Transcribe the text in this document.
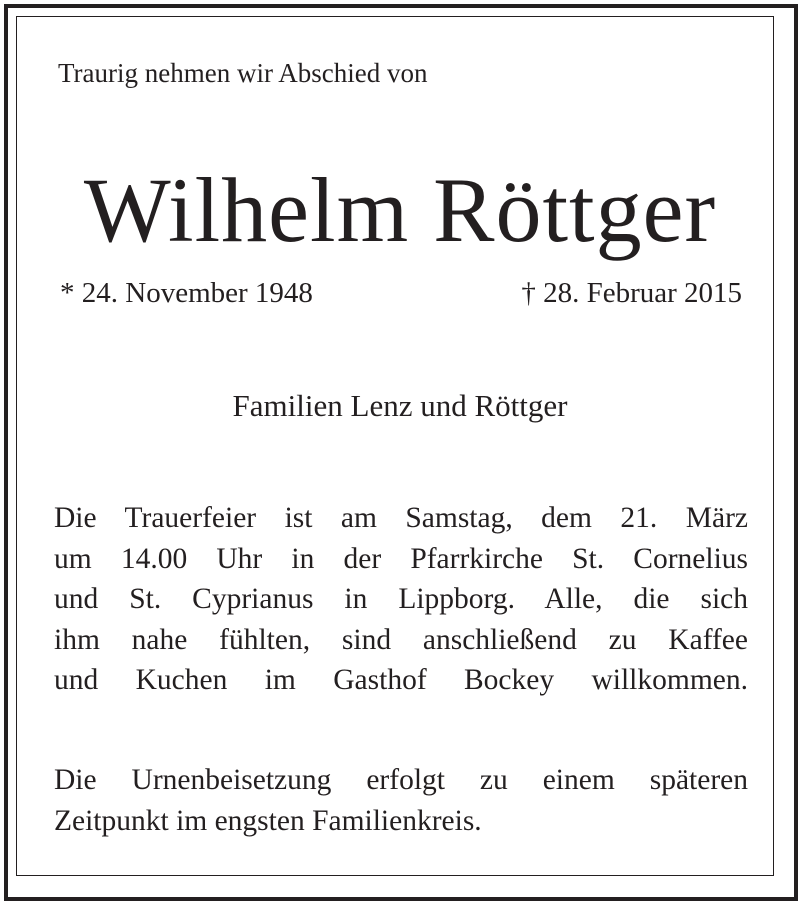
Traurig nehmen wir Abschied von
Wilhelm Röttger
* 24. November 1948	† 28. Februar 2015
Familien Lenz und Röttger
Die Trauerfeier ist am Samstag, dem 21. März
um 14.00 Uhr in der Pfarrkirche St. Cornelius
und St. Cyprianus in Lippborg. Alle, die sich
ihm nahe fühlten, sind anschließend zu Kaffee
und Kuchen im Gasthof Bockey willkommen.
Die Urnenbeisetzung erfolgt zu einem späteren
Zeitpunkt im engsten Familienkreis.
